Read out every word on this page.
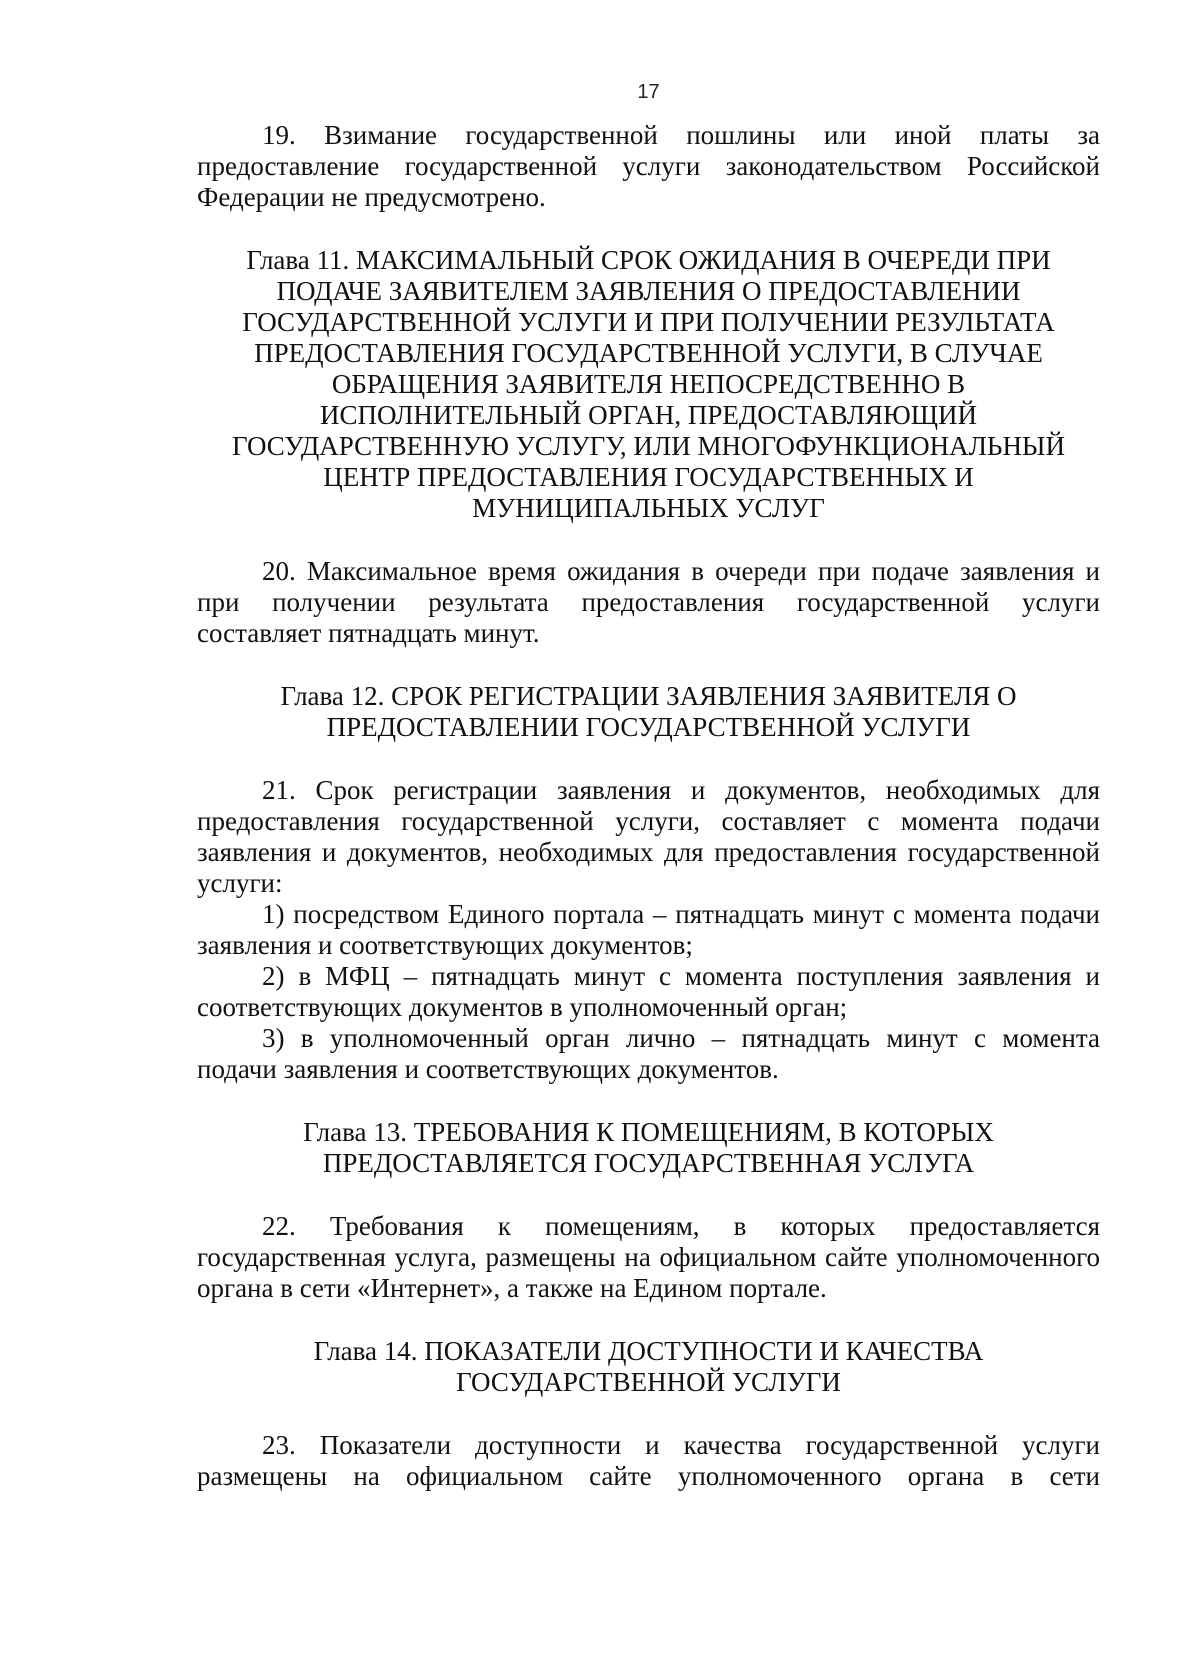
17

19. Взимание государственной пошлины или иной платы за предоставление государственной услуги законодательством Российской Федерации не предусмотрено.

Глава 11. МАКСИМАЛЬНЫЙ СРОК ОЖИДАНИЯ В ОЧЕРЕДИ ПРИ ПОДАЧЕ ЗАЯВИТЕЛЕМ ЗАЯВЛЕНИЯ О ПРЕДОСТАВЛЕНИИ ГОСУДАРСТВЕННОЙ УСЛУГИ И ПРИ ПОЛУЧЕНИИ РЕЗУЛЬТАТА ПРЕДОСТАВЛЕНИЯ ГОСУДАРСТВЕННОЙ УСЛУГИ, В СЛУЧАЕ ОБРАЩЕНИЯ ЗАЯВИТЕЛЯ НЕПОСРЕДСТВЕННО В ИСПОЛНИТЕЛЬНЫЙ ОРГАН, ПРЕДОСТАВЛЯЮЩИЙ ГОСУДАРСТВЕННУЮ УСЛУГУ, ИЛИ МНОГОФУНКЦИОНАЛЬНЫЙ ЦЕНТР ПРЕДОСТАВЛЕНИЯ ГОСУДАРСТВЕННЫХ И МУНИЦИПАЛЬНЫХ УСЛУГ

20. Максимальное время ожидания в очереди при подаче заявления и при получении результата предоставления государственной услуги составляет пятнадцать минут.

Глава 12. СРОК РЕГИСТРАЦИИ ЗАЯВЛЕНИЯ ЗАЯВИТЕЛЯ О ПРЕДОСТАВЛЕНИИ ГОСУДАРСТВЕННОЙ УСЛУГИ

21. Срок регистрации заявления и документов, необходимых для предоставления государственной услуги, составляет с момента подачи заявления и документов, необходимых для предоставления государственной услуги:

1) посредством Единого портала – пятнадцать минут с момента подачи заявления и соответствующих документов;

2) в МФЦ – пятнадцать минут с момента поступления заявления и соответствующих документов в уполномоченный орган;

3) в уполномоченный орган лично – пятнадцать минут с момента подачи заявления и соответствующих документов.

Глава 13. ТРЕБОВАНИЯ К ПОМЕЩЕНИЯМ, В КОТОРЫХ ПРЕДОСТАВЛЯЕТСЯ ГОСУДАРСТВЕННАЯ УСЛУГА

22. Требования к помещениям, в которых предоставляется государственная услуга, размещены на официальном сайте уполномоченного органа в сети «Интернет», а также на Едином портале.

Глава 14. ПОКАЗАТЕЛИ ДОСТУПНОСТИ И КАЧЕСТВА ГОСУДАРСТВЕННОЙ УСЛУГИ

23. Показатели доступности и качества государственной услуги размещены на официальном сайте уполномоченного органа в сети
